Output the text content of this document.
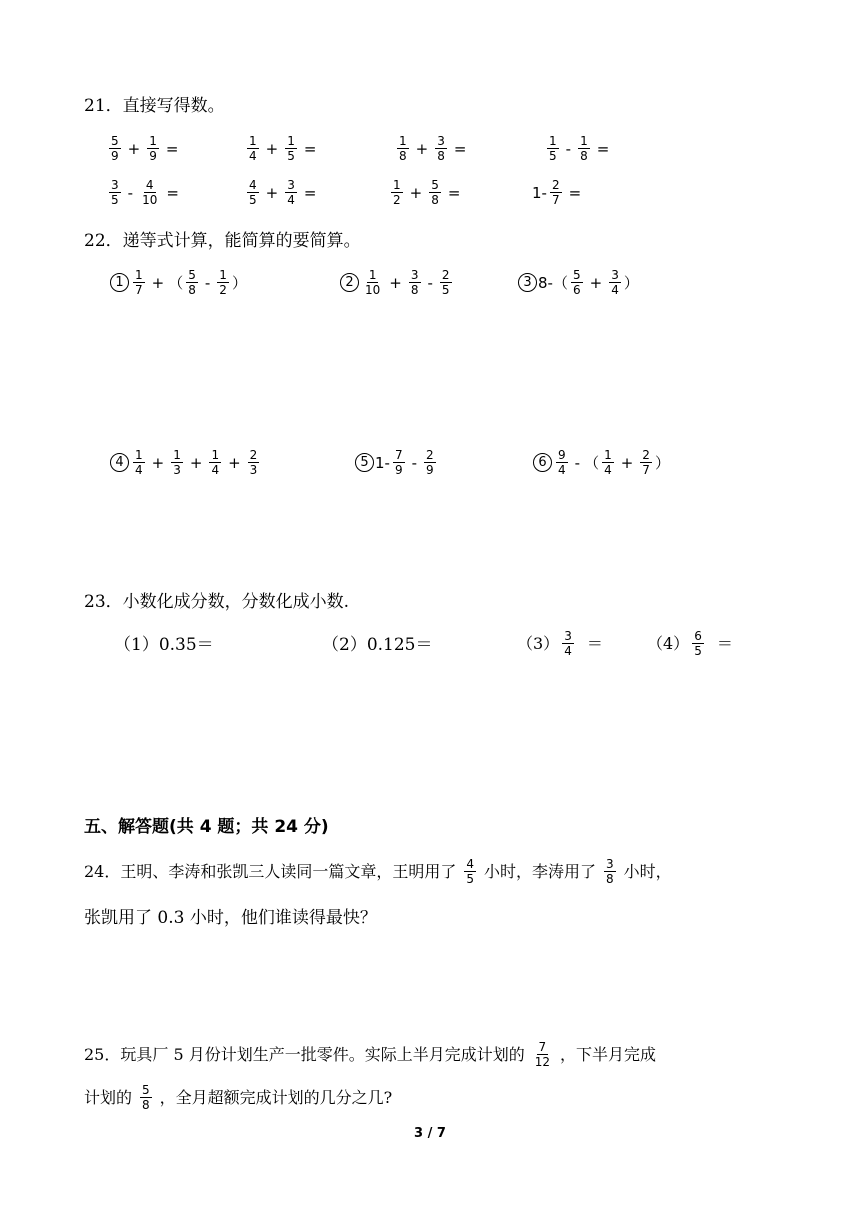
21．直接写得数。
$\frac{5}{9} + \frac{1}{9}$ =	$\frac{1}{4} + \frac{1}{5}$ =	$\frac{1}{8} + \frac{3}{8}$ =	$\frac{1}{5} - \frac{1}{8}$ =
$\frac{3}{5} - \frac{4}{10}$ =	$\frac{4}{5} + \frac{3}{4}$ =	$\frac{1}{2} + \frac{5}{8}$ =	$1- \frac{2}{7}$ =
22．递等式计算，能简算的要简算。
$1 \frac{1}{7}$ + （ $\frac{5}{8} - \frac{1}{2}$ ）	$2 \frac{1}{10} + \frac{3}{8} - \frac{2}{5}$	3 $8-( \frac{5}{6} + \frac{3}{4}$ ）
$4 \frac{1}{4} + \frac{1}{3} + \frac{1}{4} + \frac{2}{3}$	5 $1- \frac{7}{9} - \frac{2}{9}$	$6 \frac{9}{4}$ - （ $\frac{1}{4} + \frac{2}{7}$ ）
23．小数化成分数，分数化成小数.
（1）0.35＝	（2）0.125＝	$(3) \frac{3}{4}$ ＝	$(4) \frac{6}{5}$ ＝
五、解答题(共 4 题；共 24 分)
24．王明、李涛和张凯三人读同一篇文章，王明用了 $\frac{4}{5}$ 小时，李涛用了 $\frac{3}{8}$ 小时，
张凯用了 0.3 小时，他们谁读得最快？
25．玩具厂 5 月份计划生产一批零件。实际上半月完成计划的 $\frac{7}{12}$ ，下半月完成
计划的 $\frac{5}{8}$ ，全月超额完成计划的几分之几?
3 / 7
